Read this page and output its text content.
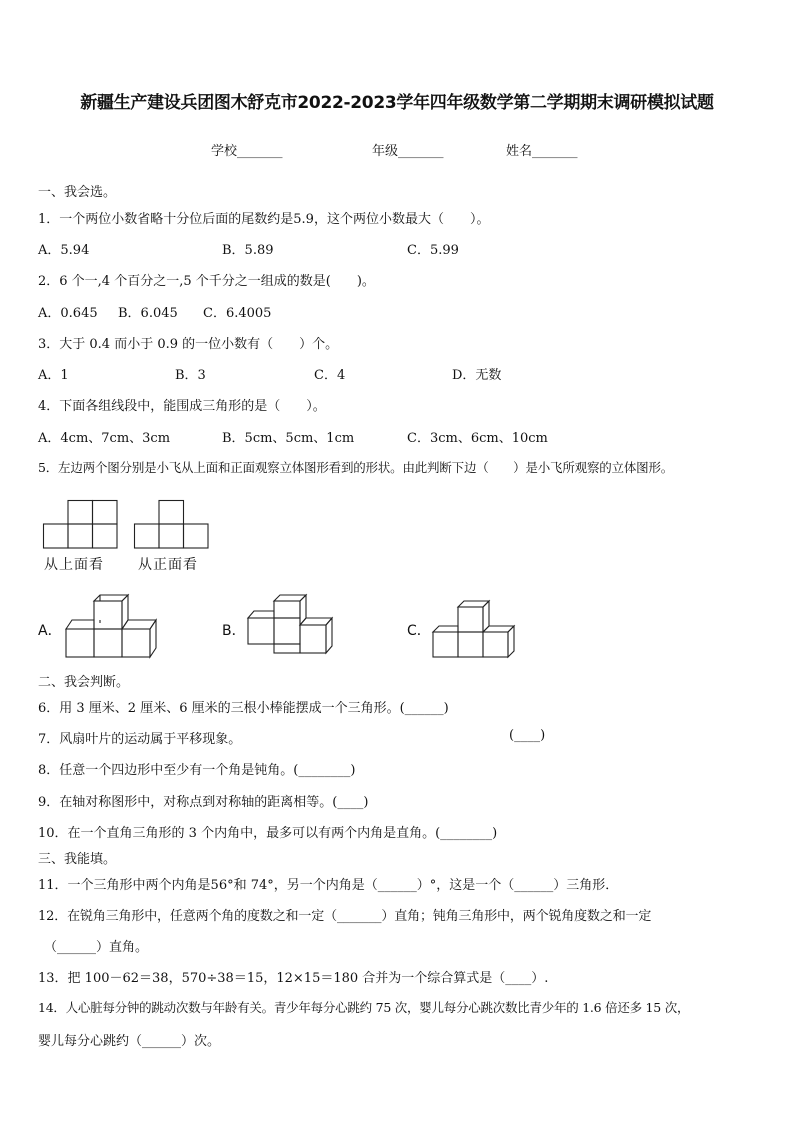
新疆生产建设兵团图木舒克市2022-2023学年四年级数学第二学期期末调研模拟试题
学校_______	年级_______	姓名_______
一、我会选。
1．一个两位小数省略十分位后面的尾数约是5.9，这个两位小数最大（　　）。
A．5.94	B．5.89	C．5.99
2．6 个一,4 个百分之一,5 个千分之一组成的数是(　　)。
A．0.645 B．6.045 C．6.4005
3．大于 0.4 而小于 0.9 的一位小数有（　　）个。
A．1	B．3	C．4	D．无数
4．下面各组线段中，能围成三角形的是（　　）。
A．4cm、7cm、3cm	B．5cm、5cm、1cm	C．3cm、6cm、10cm
5．左边两个图分别是小飞从上面和正面观察立体图形看到的形状。由此判断下边（　　）是小飞所观察的立体图形。
从上面看 从正面看
A．	B．	C．
二、我会判断。
6．用 3 厘米、2 厘米、6 厘米的三根小棒能摆成一个三角形。(______)
7．风扇叶片的运动属于平移现象。	(____)
8．任意一个四边形中至少有一个角是钝角。(________)
9．在轴对称图形中，对称点到对称轴的距离相等。(____)
10．在一个直角三角形的 3 个内角中，最多可以有两个内角是直角。(________)
三、我能填。
11．一个三角形中两个内角是56°和 74°，另一个内角是（______）°，这是一个（______）三角形．
12．在锐角三角形中，任意两个角的度数之和一定（_______）直角；钝角三角形中，两个锐角度数之和一定
（______）直角。
13．把 100－62＝38，570÷38＝15，12×15＝180 合并为一个综合算式是（____）.
14．人心脏每分钟的跳动次数与年龄有关。青少年每分心跳约 75 次，婴儿每分心跳次数比青少年的 1.6 倍还多 15 次，
婴儿每分心跳约（______）次。
